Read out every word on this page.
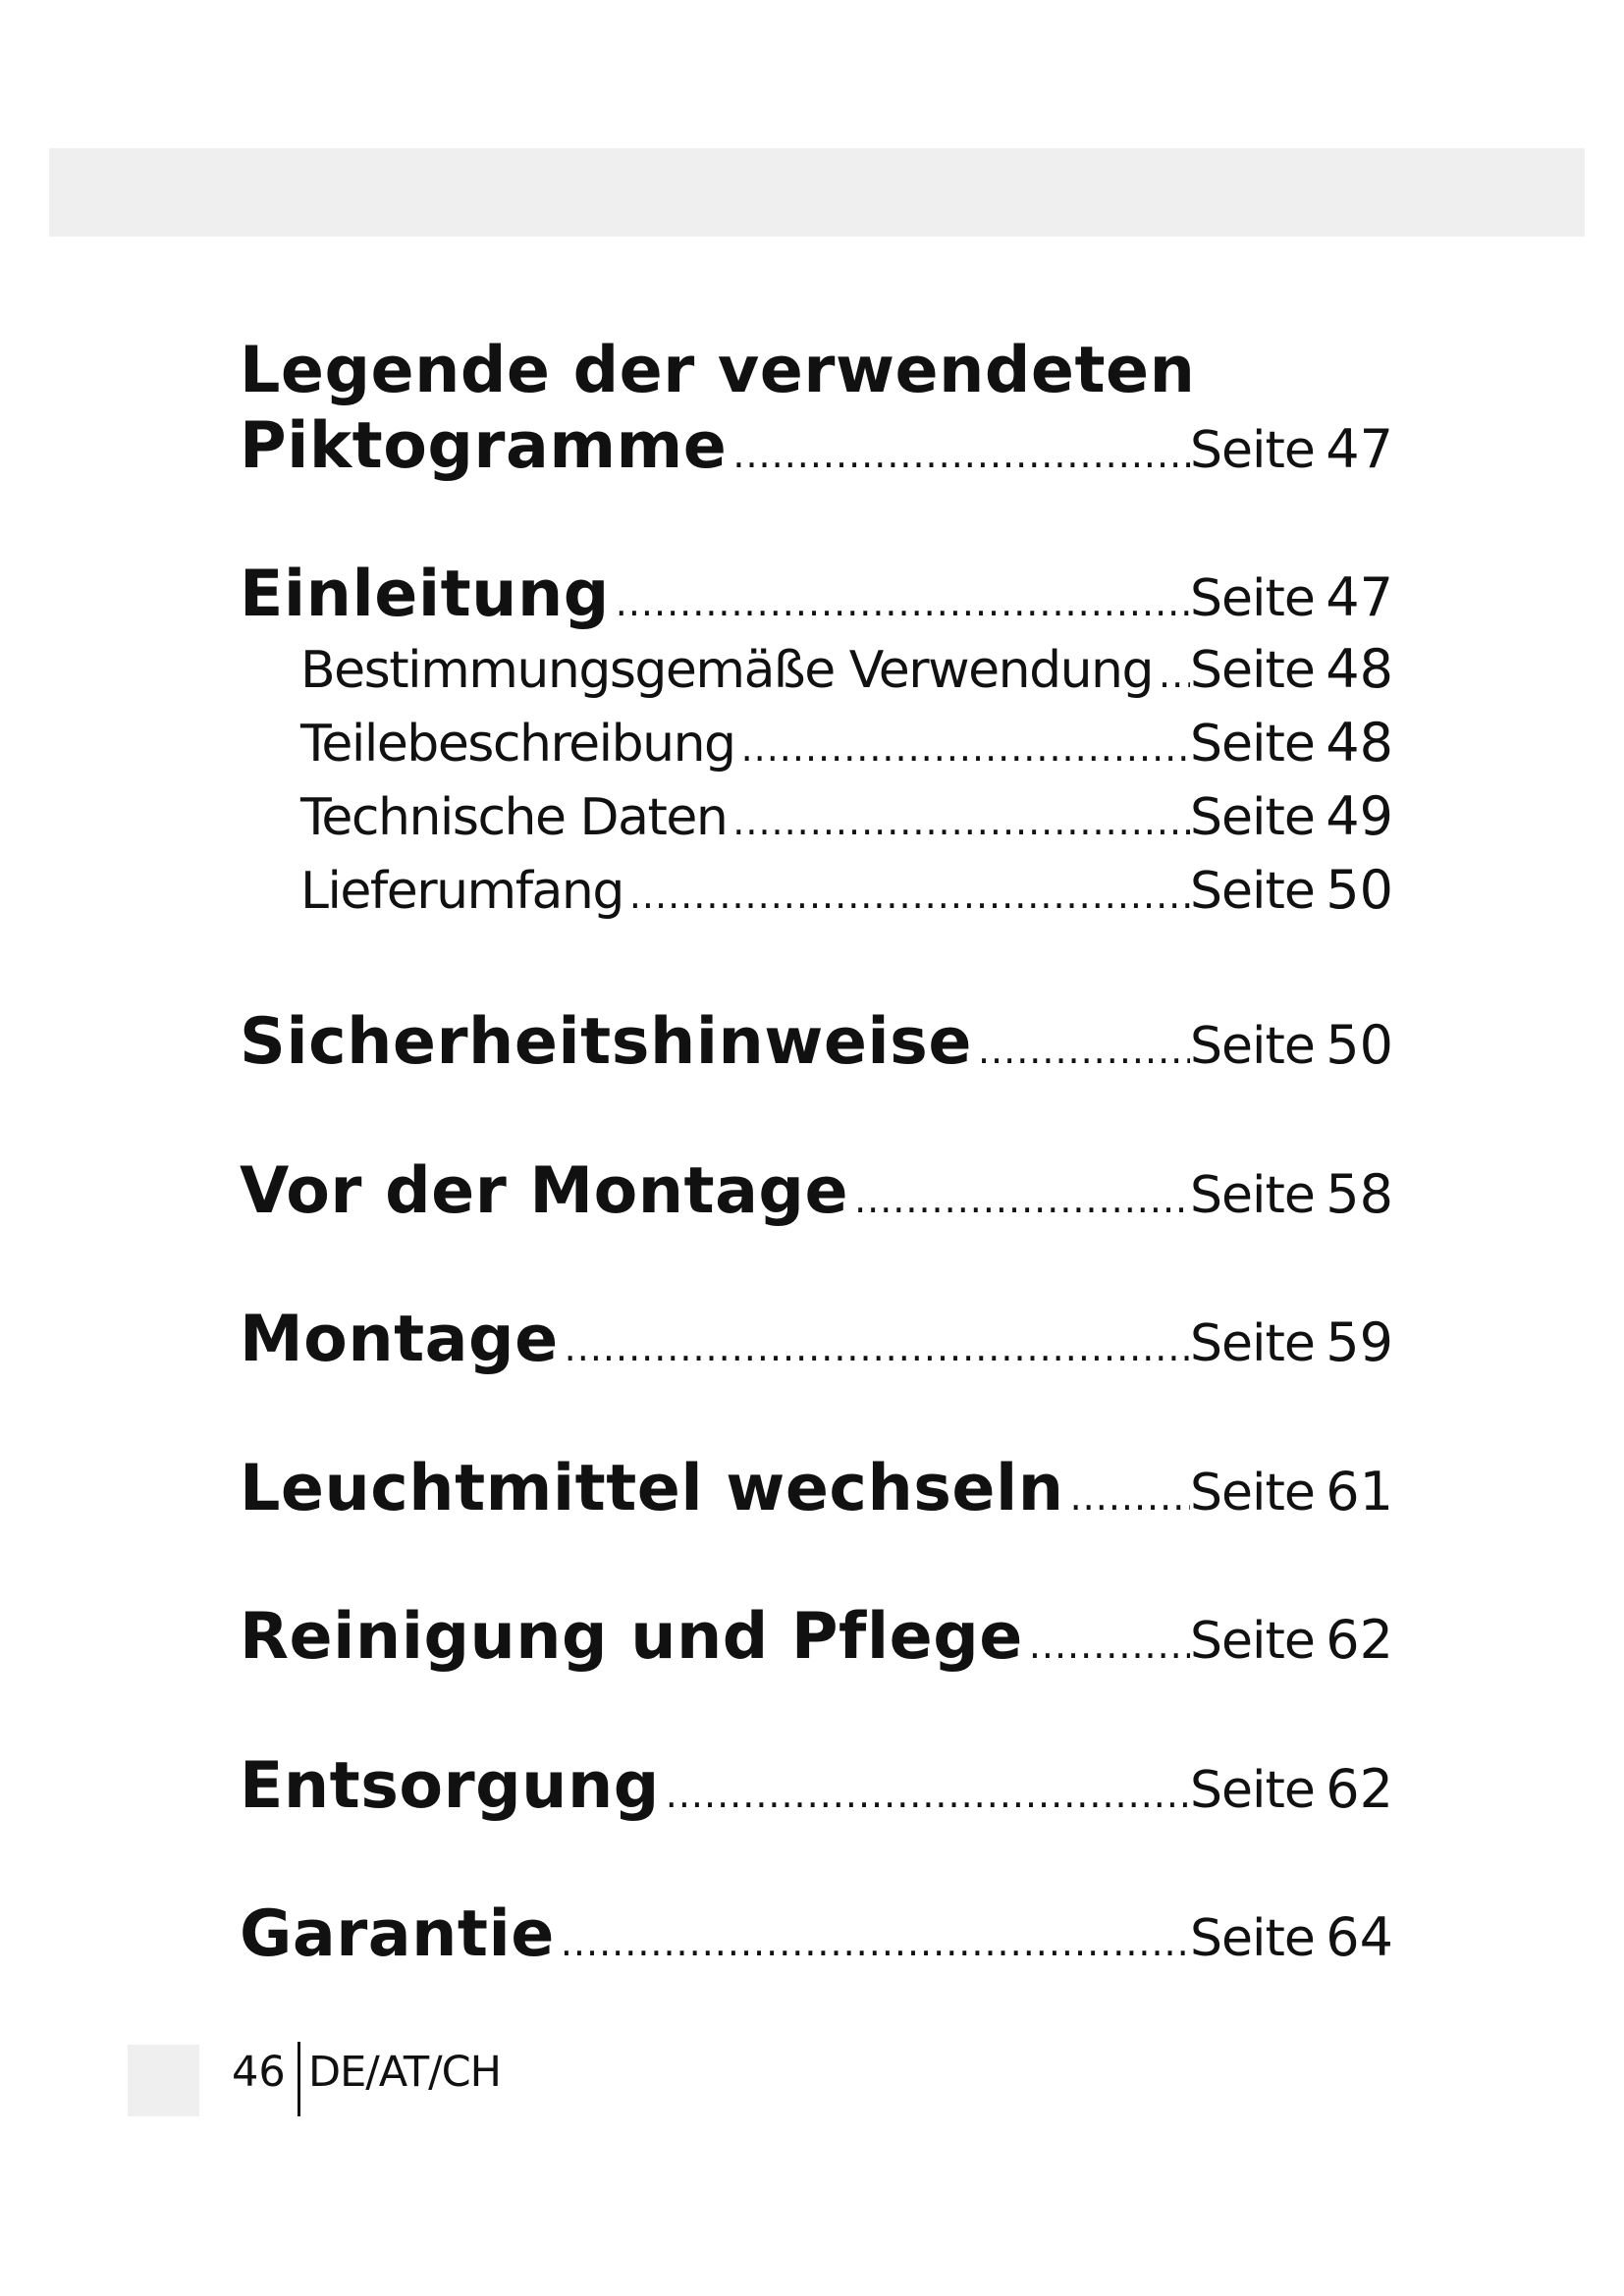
Legende der verwendeten
Piktogramme .....	Seite 47
Einleitung .....	Seite 47
Bestimmungsgemäße Verwendung ..... Seite 48
Teilebeschreibung .....	Seite 48
Technische Daten .....	Seite 49
Lieferumfang .....	Seite 50
Sicherheitshinweise .....	Seite 50
Vor der Montage .....	Seite 58
Montage .....	Seite 59
Leuchtmittel wechseln ..... Seite 61
Reinigung und Pflege .....	Seite 62
Entsorgung .....	Seite 62
Garantie .....	Seite 64
46 DE/AT/CH
